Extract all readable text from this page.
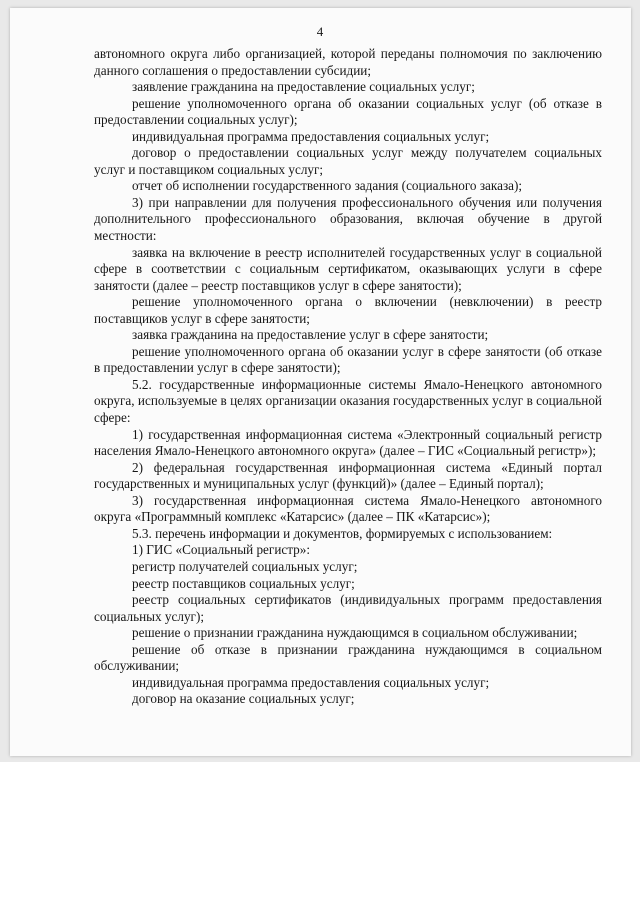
4

автономного округа либо организацией, которой переданы полномочия по заключению данного соглашения о предоставлении субсидии;

заявление гражданина на предоставление социальных услуг;

решение уполномоченного органа об оказании социальных услуг (об отказе в предоставлении социальных услуг);

индивидуальная программа предоставления социальных услуг;

договор о предоставлении социальных услуг между получателем социальных услуг и поставщиком социальных услуг;

отчет об исполнении государственного задания (социального заказа);

3) при направлении для получения профессионального обучения или получения дополнительного профессионального образования, включая обучение в другой местности:

заявка на включение в реестр исполнителей государственных услуг в социальной сфере в соответствии с социальным сертификатом, оказывающих услуги в сфере занятости (далее – реестр поставщиков услуг в сфере занятости);

решение уполномоченного органа о включении (невключении) в реестр поставщиков услуг в сфере занятости;

заявка гражданина на предоставление услуг в сфере занятости;

решение уполномоченного органа об оказании услуг в сфере занятости (об отказе в предоставлении услуг в сфере занятости);

5.2. государственные информационные системы Ямало-Ненецкого автономного округа, используемые в целях организации оказания государственных услуг в социальной сфере:

1) государственная информационная система «Электронный социальный регистр населения Ямало-Ненецкого автономного округа» (далее – ГИС «Социальный регистр»);

2) федеральная государственная информационная система «Единый портал государственных и муниципальных услуг (функций)» (далее – Единый портал);

3) государственная информационная система Ямало-Ненецкого автономного округа «Программный комплекс «Катарсис» (далее – ПК «Катарсис»);

5.3. перечень информации и документов, формируемых с использованием:

1) ГИС «Социальный регистр»:

регистр получателей социальных услуг;

реестр поставщиков социальных услуг;

реестр социальных сертификатов (индивидуальных программ предоставления социальных услуг);

решение о признании гражданина нуждающимся в социальном обслуживании;

решение об отказе в признании гражданина нуждающимся в социальном обслуживании;

индивидуальная программа предоставления социальных услуг;

договор на оказание социальных услуг;
